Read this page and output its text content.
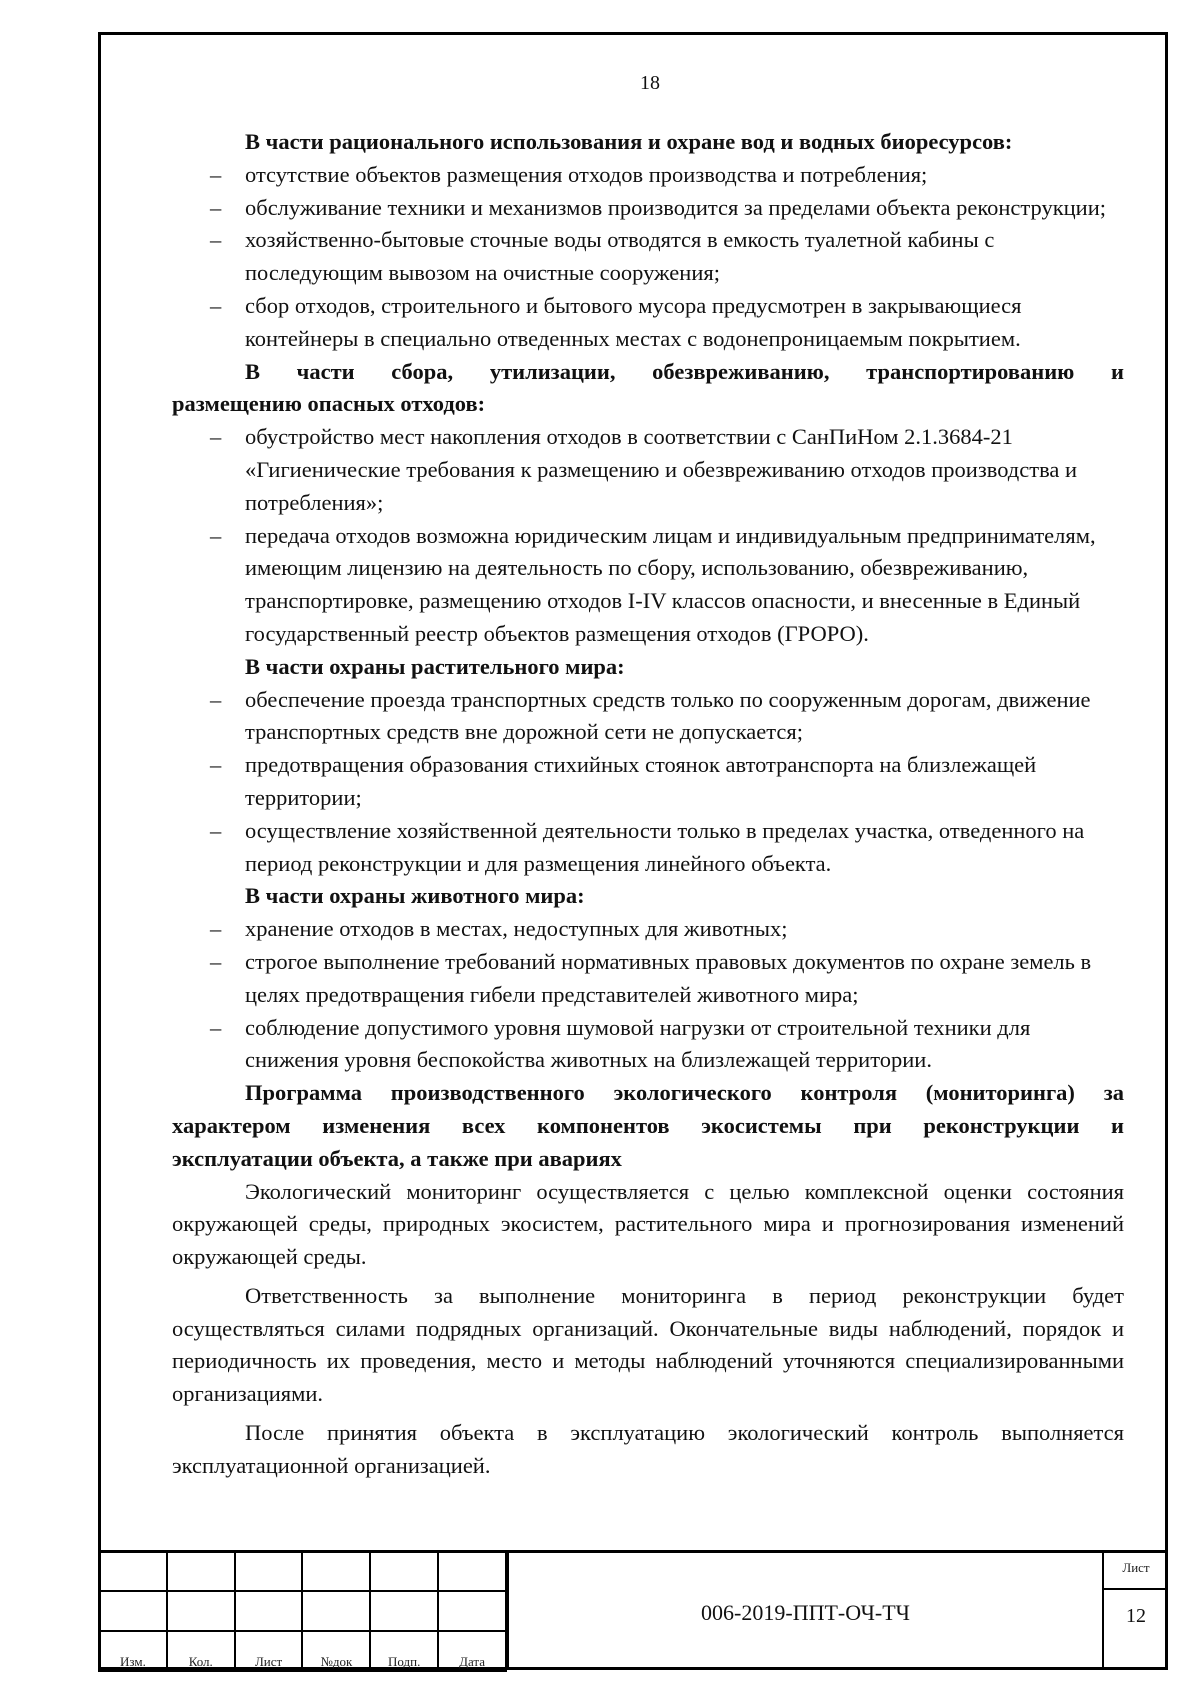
18

В части рационального использования и охране вод и водных биоресурсов:

– отсутствие объектов размещения отходов производства и потребления;
– обслуживание техники и механизмов производится за пределами объекта реконструкции;
– хозяйственно-бытовые сточные воды отводятся в емкость туалетной кабины с последующим вывозом на очистные сооружения;
– сбор отходов, строительного и бытового мусора предусмотрен в закрывающиеся контейнеры в специально отведенных местах с водонепроницаемым покрытием.

В части сбора, утилизации, обезвреживанию, транспортированию и

размещению опасных отходов:

– обустройство мест накопления отходов в соответствии с СанПиНом 2.1.3684-21 «Гигиенические требования к размещению и обезвреживанию отходов производства и потребления»;
– передача отходов возможна юридическим лицам и индивидуальным предпринимателям, имеющим лицензию на деятельность по сбору, использованию, обезвреживанию, транспортировке, размещению отходов I-IV классов опасности, и внесенные в Единый государственный реестр объектов размещения отходов (ГРОРО).

В части охраны растительного мира:

– обеспечение проезда транспортных средств только по сооруженным дорогам, движение транспортных средств вне дорожной сети не допускается;
– предотвращения образования стихийных стоянок автотранспорта на близлежащей территории;
– осуществление хозяйственной деятельности только в пределах участка, отведенного на период реконструкции и для размещения линейного объекта.

В части охраны животного мира:

– хранение отходов в местах, недоступных для животных;
– строгое выполнение требований нормативных правовых документов по охране земель в целях предотвращения гибели представителей животного мира;
– соблюдение допустимого уровня шумовой нагрузки от строительной техники для снижения уровня беспокойства животных на близлежащей территории.

Программа производственного экологического контроля (мониторинга) за

характером изменения всех компонентов экосистемы при реконструкции и

эксплуатации объекта, а также при авариях

Экологический мониторинг осуществляется с целью комплексной оценки состояния окружающей среды, природных экосистем, растительного мира и прогнозирования изменений окружающей среды.

Ответственность за выполнение мониторинга в период реконструкции будет осуществляться силами подрядных организаций. Окончательные виды наблюдений, порядок и периодичность их проведения, место и методы наблюдений уточняются специализированными организациями.

После принятия объекта в эксплуатацию экологический контроль выполняется эксплуатационной организацией.

Изм.	Кол.	Лист	№док	Подп.	Дата
006-2019-ППТ-ОЧ-ТЧ
Лист
12
